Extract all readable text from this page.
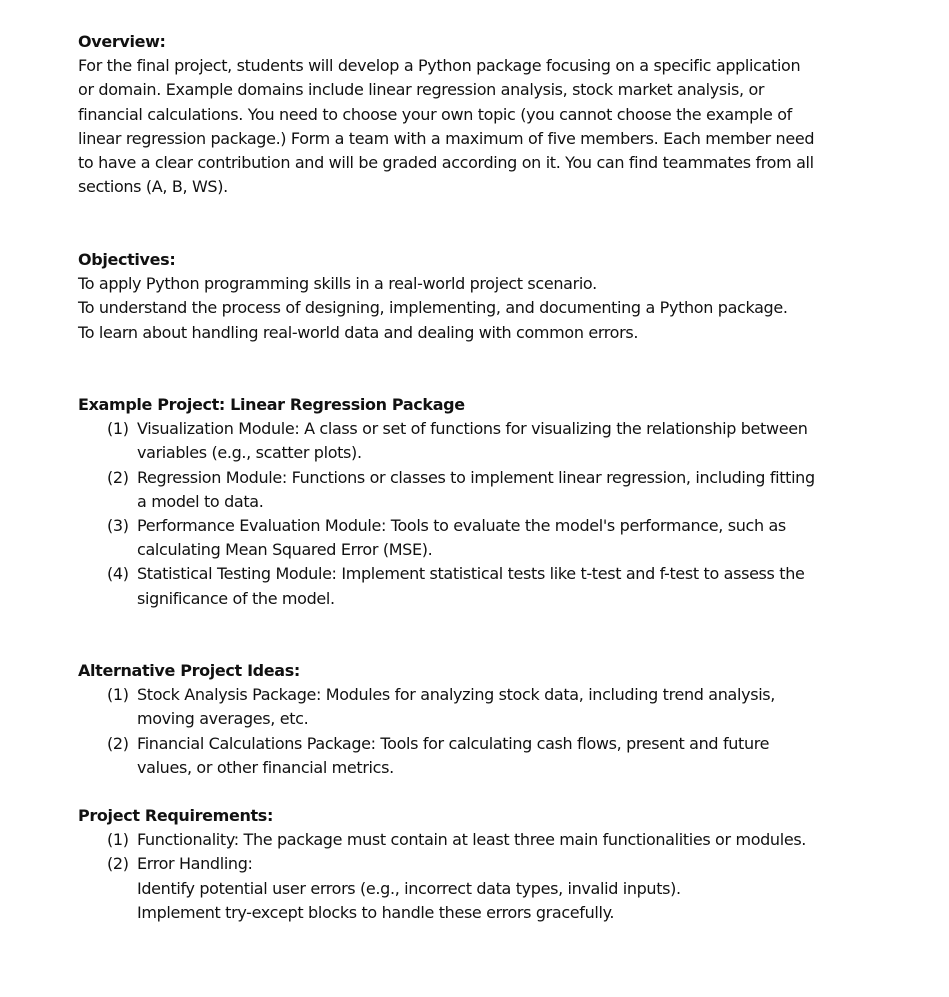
Overview:

For the final project, students will develop a Python package focusing on a specific application
or domain. Example domains include linear regression analysis, stock market analysis, or
financial calculations. You need to choose your own topic (you cannot choose the example of
linear regression package.) Form a team with a maximum of five members. Each member need
to have a clear contribution and will be graded according on it. You can find teammates from all
sections (A, B, WS).

Objectives:

To apply Python programming skills in a real-world project scenario.
To understand the process of designing, implementing, and documenting a Python package.
To learn about handling real-world data and dealing with common errors.

Example Project: Linear Regression Package

(1) Visualization Module: A class or set of functions for visualizing the relationship between
variables (e.g., scatter plots).
(2) Regression Module: Functions or classes to implement linear regression, including fitting
a model to data.
(3) Performance Evaluation Module: Tools to evaluate the model's performance, such as
calculating Mean Squared Error (MSE).
(4) Statistical Testing Module: Implement statistical tests like t-test and f-test to assess the
significance of the model.

Alternative Project Ideas:

(1) Stock Analysis Package: Modules for analyzing stock data, including trend analysis,
moving averages, etc.
(2) Financial Calculations Package: Tools for calculating cash flows, present and future
values, or other financial metrics.

Project Requirements:

(1) Functionality: The package must contain at least three main functionalities or modules.
(2) Error Handling:
Identify potential user errors (e.g., incorrect data types, invalid inputs).
Implement try-except blocks to handle these errors gracefully.
